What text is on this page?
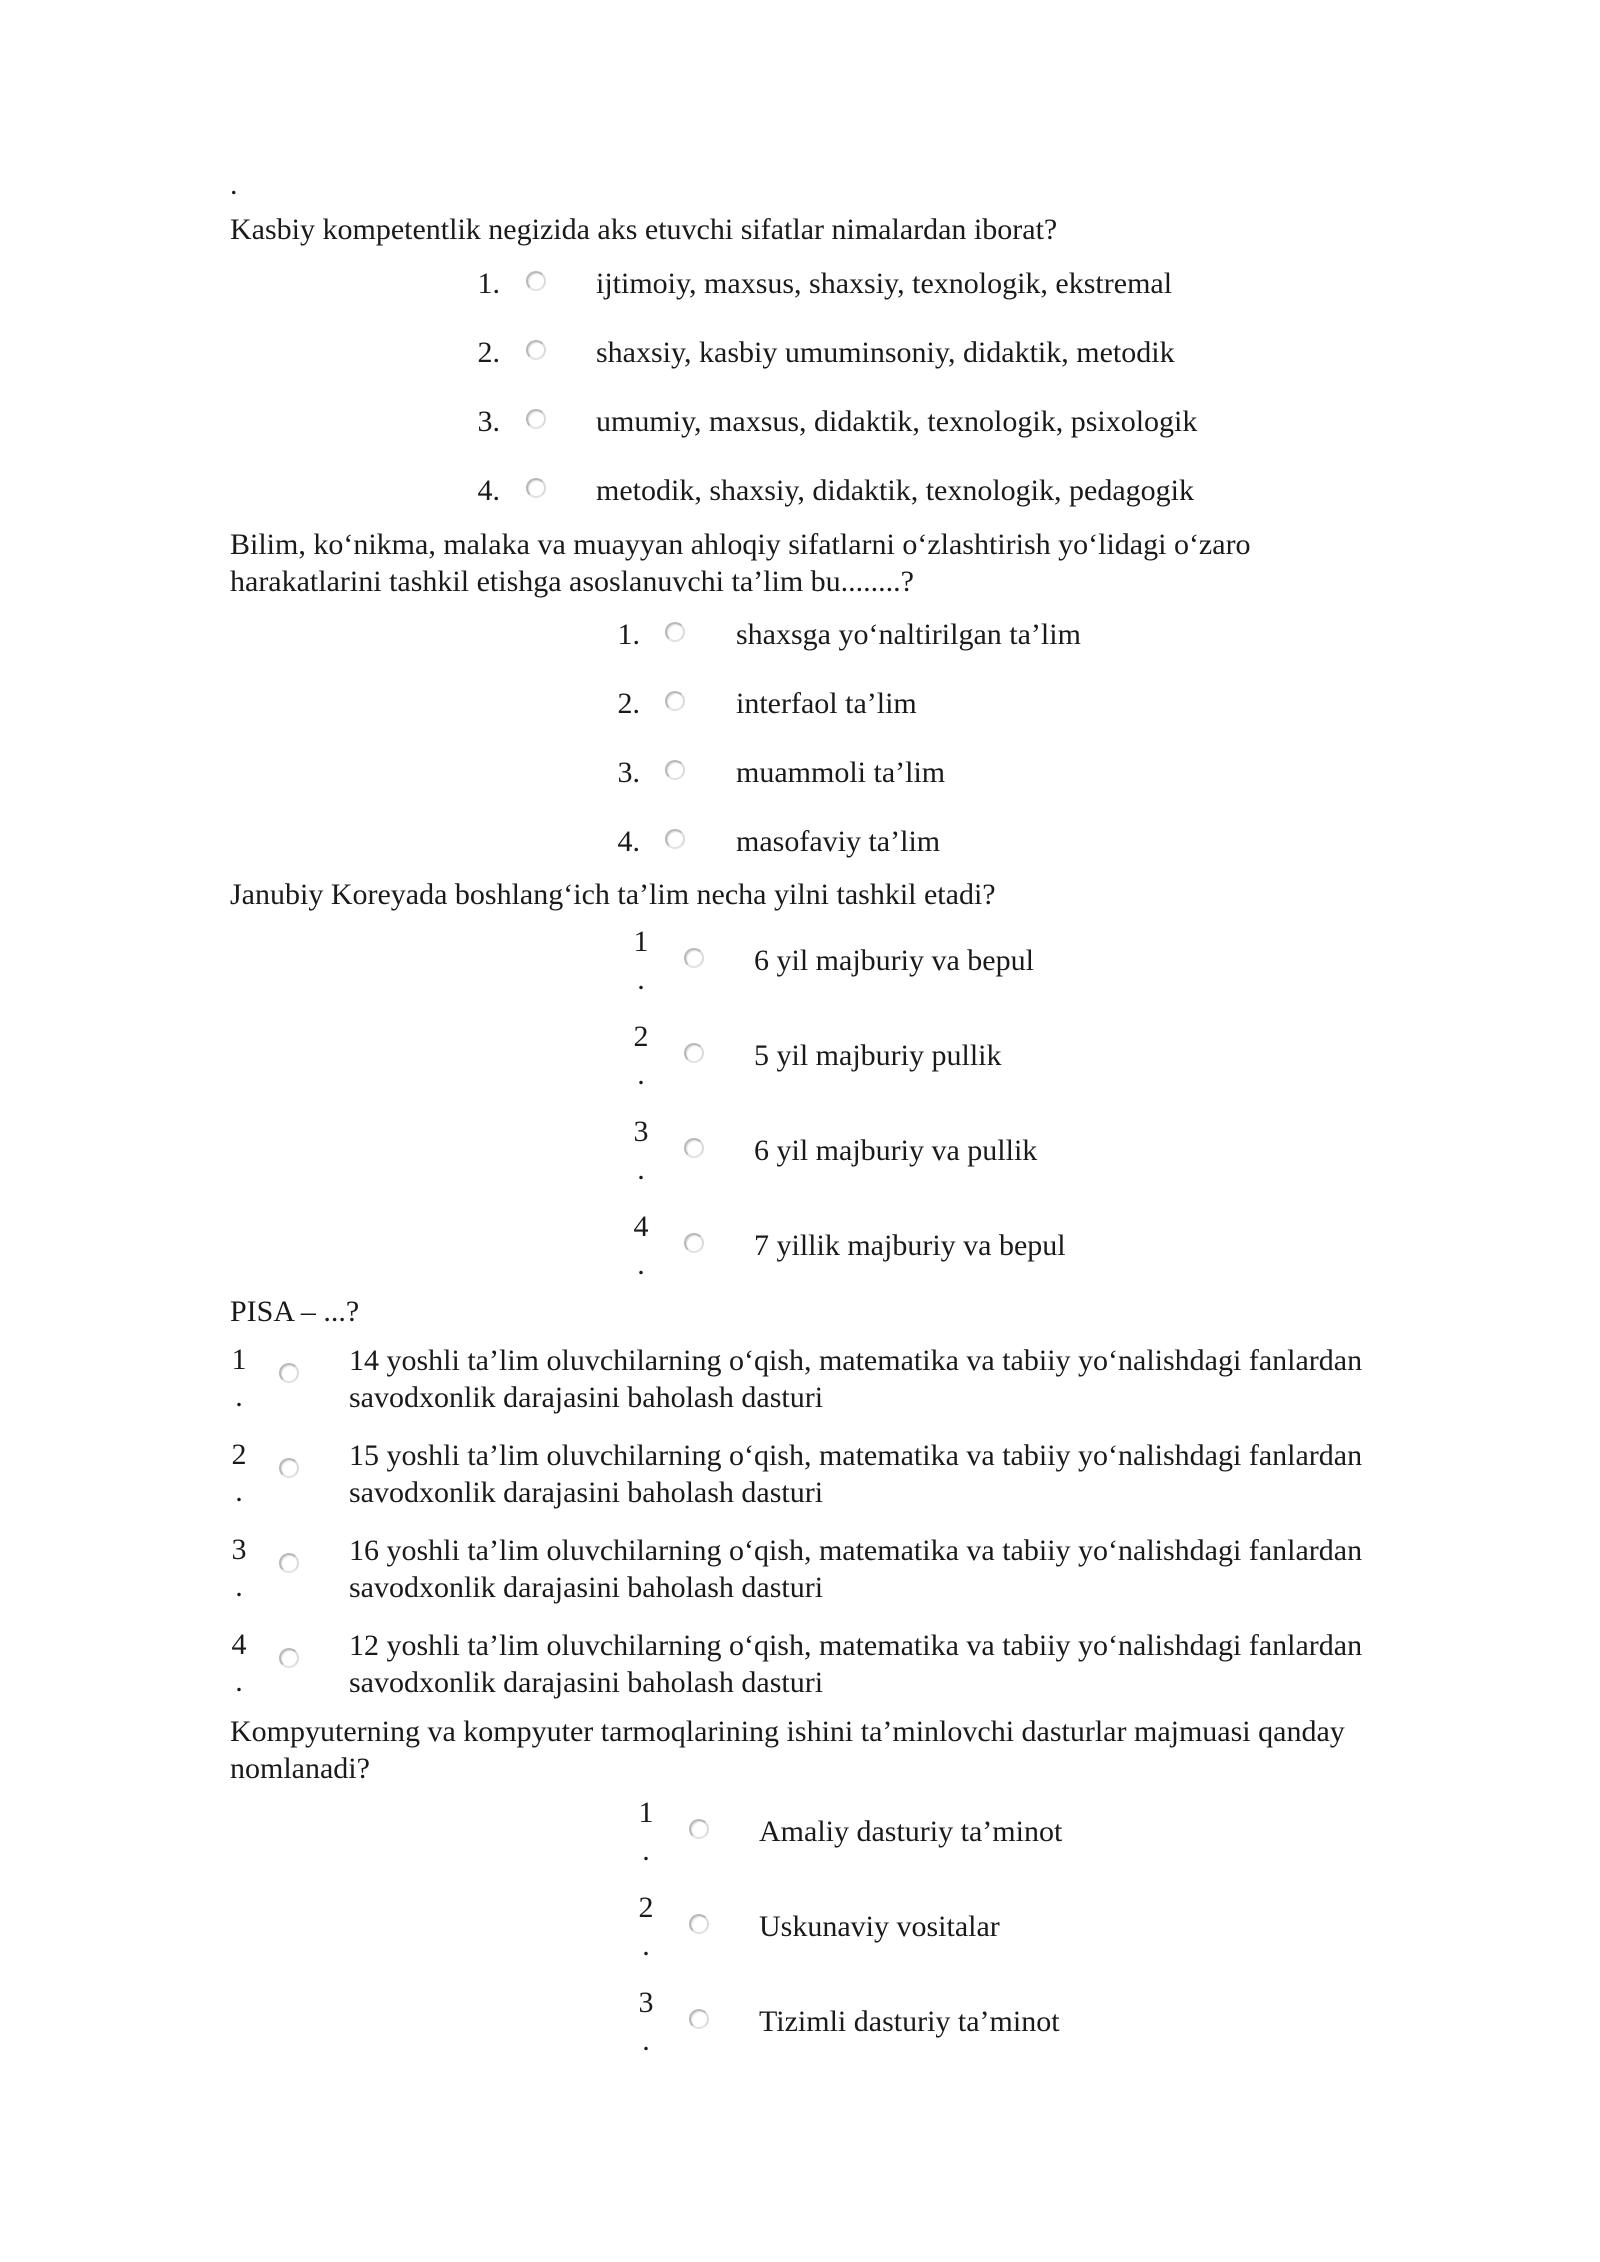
.
Kasbiy kompetentlik negizida aks etuvchi sifatlar nimalardan iborat?
1.	ijtimoiy, maxsus, shaxsiy, texnologik, ekstremal
2.	shaxsiy, kasbiy umuminsoniy, didaktik, metodik
3.	umumiy, maxsus, didaktik, texnologik, psixologik
4.	metodik, shaxsiy, didaktik, texnologik, pedagogik
Bilim, ko‘nikma, malaka va muayyan ahloqiy sifatlarni o‘zlashtirish yo‘lidagi o‘zaro
harakatlarini tashkil etishga asoslanuvchi ta’lim bu........?
1.	shaxsga yo‘naltirilgan ta’lim
2.	interfaol ta’lim
3.	muammoli ta’lim
4.	masofaviy ta’lim
Janubiy Koreyada boshlang‘ich ta’lim necha yilni tashkil etadi?
1
.
6 yil majburiy va bepul
2
.
5 yil majburiy pullik
3
.
6 yil majburiy va pullik
4
.
7 yillik majburiy va bepul
PISA – ...?
1
.
14 yoshli ta’lim oluvchilarning o‘qish, matematika va tabiiy yo‘nalishdagi fanlardan
savodxonlik darajasini baholash dasturi
2
.
15 yoshli ta’lim oluvchilarning o‘qish, matematika va tabiiy yo‘nalishdagi fanlardan
savodxonlik darajasini baholash dasturi
3
.
16 yoshli ta’lim oluvchilarning o‘qish, matematika va tabiiy yo‘nalishdagi fanlardan
savodxonlik darajasini baholash dasturi
4
.
12 yoshli ta’lim oluvchilarning o‘qish, matematika va tabiiy yo‘nalishdagi fanlardan
savodxonlik darajasini baholash dasturi
Kompyuterning va kompyuter tarmoqlarining ishini ta’minlovchi dasturlar majmuasi qanday
nomlanadi?
1
.
Amaliy dasturiy ta’minot
2
.
Uskunaviy vositalar
3
.
Tizimli dasturiy ta’minot
